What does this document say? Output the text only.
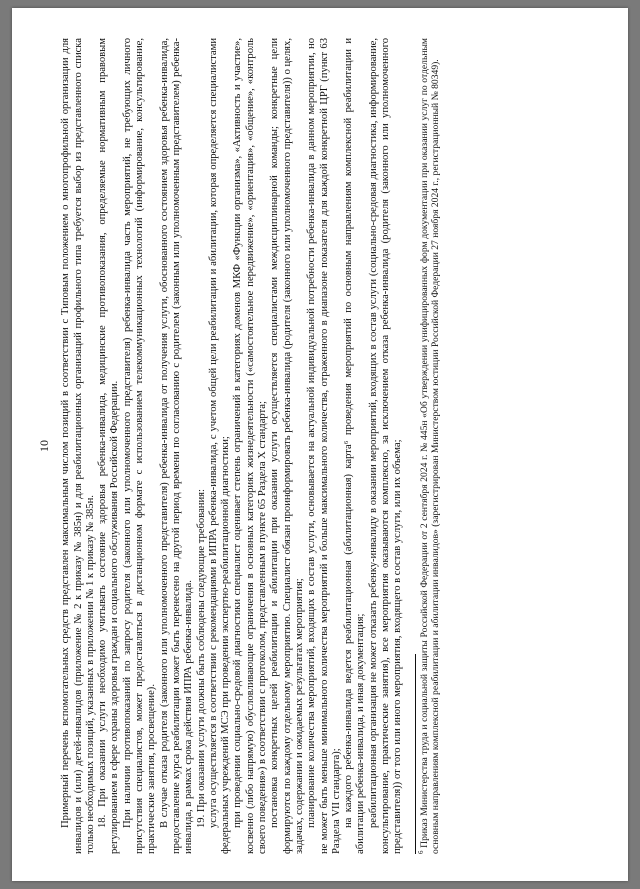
10 Примерный перечень вспомогательных средств представлен максимальным числом позиций в соответствии с Типовым положением о многопрофильной организации для инвалидов и (или) детей-инвалидов (приложение № 2 к приказу № 385н) и для реабилитационных организаций профильного типа требуется выбор из представленного списка только необходимых позиций, указанных в приложении № 1 к приказу № 385н. 18. При оказании услуги необходимо учитывать состояние здоровья ребенка-инвалида, медицинские противопоказания, определяемые нормативным правовым регулированием в сфере охраны здоровья граждан и социального обслуживания Российской Федерации. При наличии противопоказаний по запросу родителя (законного или уполномоченного представителя) ребенка-инвалида часть мероприятий, не требующих личного присутствия специалистов, может предоставляться в дистанционном формате с использованием телекоммуникационных технологий (информирование, консультирование, практические занятия, просвещение). В случае отказа родителя (законного или уполномоченного представителя) ребенка-инвалида от получения услуги, обоснованного состоянием здоровья ребенка-инвалида, предоставление курса реабилитации может быть перенесено на другой период времени по согласованию с родителем (законным или уполномоченным представителем) ребенка-инвалида, в рамках срока действия ИПРА ребенка-инвалида. 19. При оказании услуги должны быть соблюдены следующие требования: услуга осуществляется в соответствии с рекомендациями в ИПРА ребенка-инвалида, с учетом общей цели реабилитации и абилитации, которая определяется специалистами федеральных учреждений МСЭ при проведении экспертно-реабилитационной диагностики; при проведении социально-средовой диагностики специалист оценивает степень ограничений в категориях доменов МКФ «Функции организма», «Активность и участие», косвенно (либо напрямую) обусловливающие ограничения в основных категориях жизнедеятельности («самостоятельное передвижение», «ориентация», «общение», «контроль своего поведения») в соответствии с протоколом, представленным в пункте 65 Раздела X стандарта; постановка конкретных целей реабилитации и абилитации при оказании услуги осуществляется специалистами междисциплинарной команды; конкретные цели формируются по каждому отдельному мероприятию. Специалист обязан проинформировать ребенка-инвалида (родителя (законного или уполномоченного представителя)) о целях, задачах, содержании и ожидаемых результатах мероприятия; планирование количества мероприятий, входящих в состав услуги, основывается на актуальной индивидуальной потребности ребенка-инвалида в данном мероприятии, но не может быть меньше минимального количества мероприятий и больше максимального количества, отраженного в диапазоне показателя для каждой конкретной ЦРГ (пункт 63 Раздела VII стандарта); на каждого ребенка-инвалида ведется реабилитационная (абилитационная) карта⁶ проведения мероприятий по основным направлениям комплексной реабилитации и абилитации ребенка-инвалида, и иная документация; реабилитационная организация не может отказать ребенку-инвалиду в оказании мероприятий, входящих в состав услуги (социально-средовая диагностика, информирование, консультирование, практические занятия), все мероприятия оказываются комплексно, за исключением отказа ребенка-инвалида (родителя (законного или уполномоченного представителя)) от того или иного мероприятия, входящего в состав услуги, или их объема; $^6$ Приказ Министерства труда и социальной защиты Российской Федерации от 2 сентября 2024 г. № 445н «Об утверждении унифицированных форм документации при оказании услуг по отдельным основным направлениям комплексной реабилитации и абилитации инвалидов» (зарегистрирован Министерством юстиции Российской Федерации 27 ноября 2024 г., регистрационный № 80349).
